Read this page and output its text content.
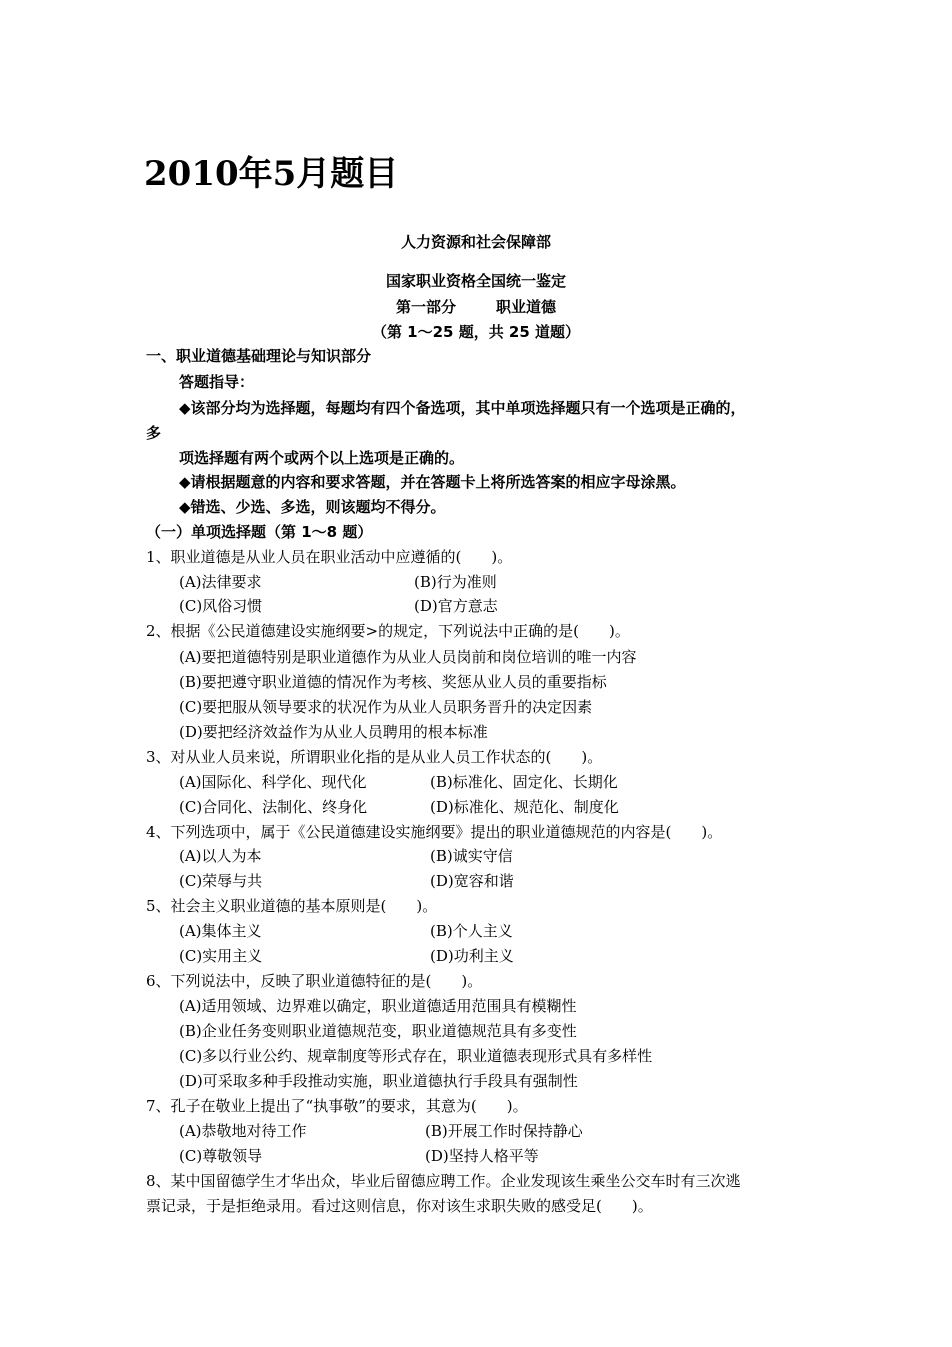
2010年5月题目
人力资源和社会保障部
国家职业资格全国统一鉴定
第一部分	职业道德
（第 1～25 题，共 25 道题）
一、职业道德基础理论与知识部分
答题指导：
◆该部分均为选择题，每题均有四个备选项，其中单项选择题只有一个选项是正确的，
多
项选择题有两个或两个以上选项是正确的。
◆请根据题意的内容和要求答题，并在答题卡上将所选答案的相应字母涂黑。
◆错选、少选、多选，则该题均不得分。
（一）单项选择题（第 1～8 题）
1、职业道德是从业人员在职业活动中应遵循的(　　)。
(A)法律要求	(B)行为准则
(C)风俗习惯	(D)官方意志
2、根据《公民道德建设实施纲要>的规定，下列说法中正确的是(　　)。
(A)要把道德特别是职业道德作为从业人员岗前和岗位培训的唯一内容
(B)要把遵守职业道德的情况作为考核、奖惩从业人员的重要指标
(C)要把服从领导要求的状况作为从业人员职务晋升的决定因素
(D)要把经济效益作为从业人员聘用的根本标准
3、对从业人员来说，所谓职业化指的是从业人员工作状态的(　　)。
(A)国际化、科学化、现代化	(B)标准化、固定化、长期化
(C)合同化、法制化、终身化	(D)标准化、规范化、制度化
4、下列选项中，属于《公民道德建设实施纲要》提出的职业道德规范的内容是(　　)。
(A)以人为本	(B)诚实守信
(C)荣辱与共	(D)宽容和谐
5、社会主义职业道德的基本原则是(　　)。
(A)集体主义	(B)个人主义
(C)实用主义	(D)功利主义
6、下列说法中，反映了职业道德特征的是(　　)。
(A)适用领域、边界难以确定，职业道德适用范围具有模糊性
(B)企业任务变则职业道德规范变，职业道德规范具有多变性
(C)多以行业公约、规章制度等形式存在，职业道德表现形式具有多样性
(D)可采取多种手段推动实施，职业道德执行手段具有强制性
7、孔子在敬业上提出了“执事敬”的要求，其意为(　　)。
(A)恭敬地对待工作	(B)开展工作时保持静心
(C)尊敬领导	(D)坚持人格平等
8、某中国留德学生才华出众，毕业后留德应聘工作。企业发现该生乘坐公交车时有三次逃
票记录，于是拒绝录用。看过这则信息，你对该生求职失败的感受足(　　)。
